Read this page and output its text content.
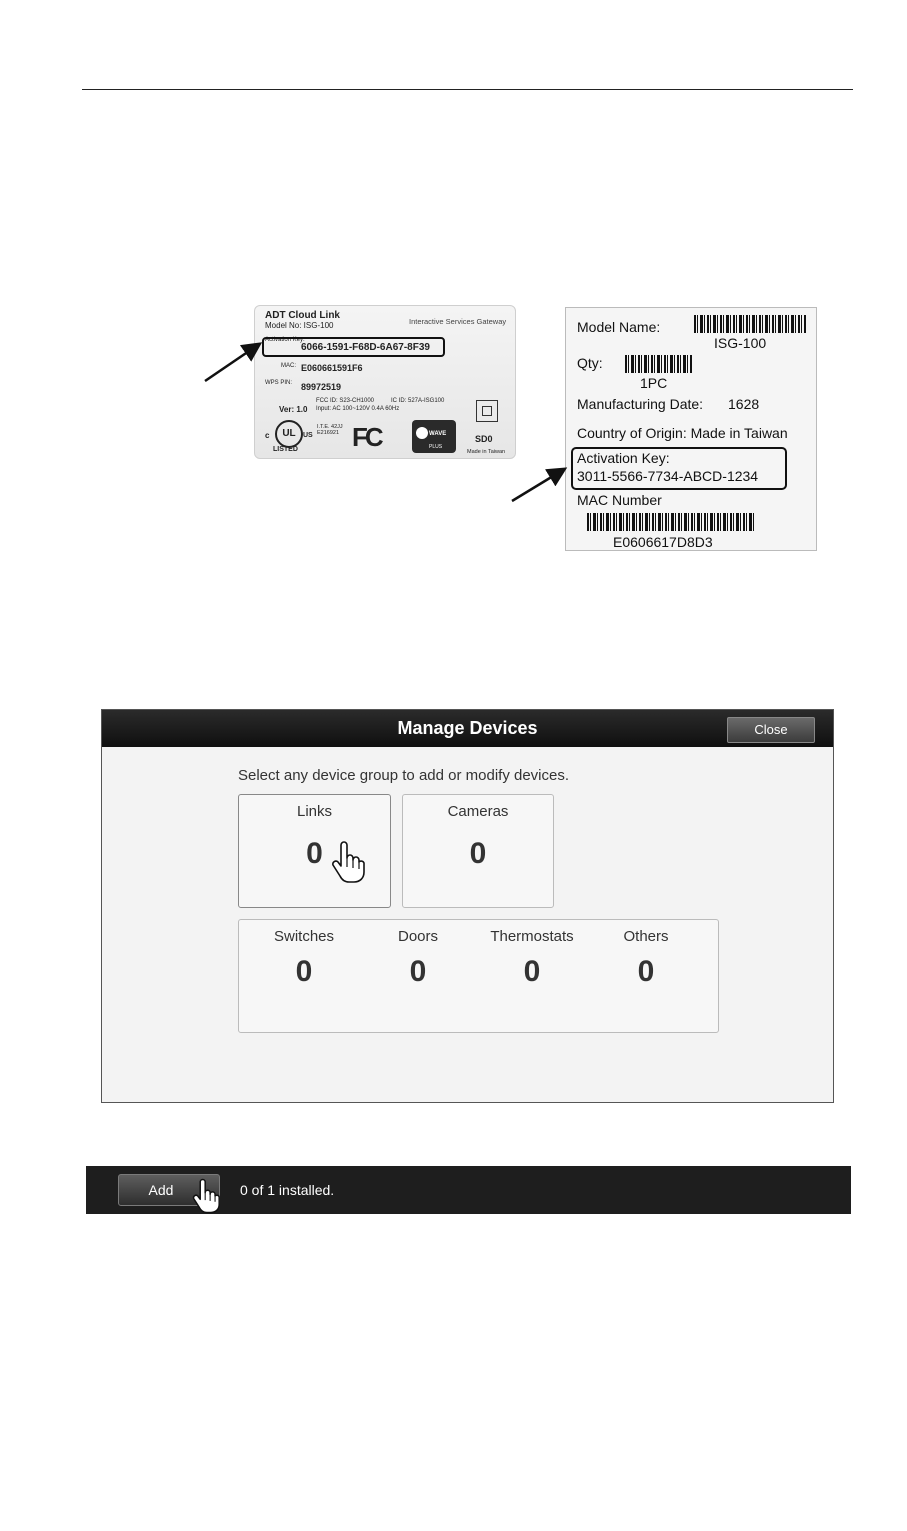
ADT Cloud Link
Model No: ISG-100	Interactive Services Gateway
Activation Key:
6066-1591-F68D-6A67-8F39
MAC: E060661591F6
WPS PIN: 89972519
FCC ID: S23-CH1000	IC ID: 527A-ISG100
Ver: 1.0 Input: AC 100~120V 0.4A 60Hz
c	UL	US
LISTED
I.T.E. 42JJ E216921 FC	WAVE
PLUS
SD0
Made in Taiwan
Model Name:
ISG-100
Qty:
1PC
Manufacturing Date: 1628
Country of Origin: Made in Taiwan
Activation Key:
3011-5566-7734-ABCD-1234
MAC Number
E0606617D8D3
Manage Devices	Close
Select any device group to add or modify devices.
Links
0
Cameras
0
Switches
0
Doors
0
Thermostats
0
Others
0
Add	0 of 1 installed.
